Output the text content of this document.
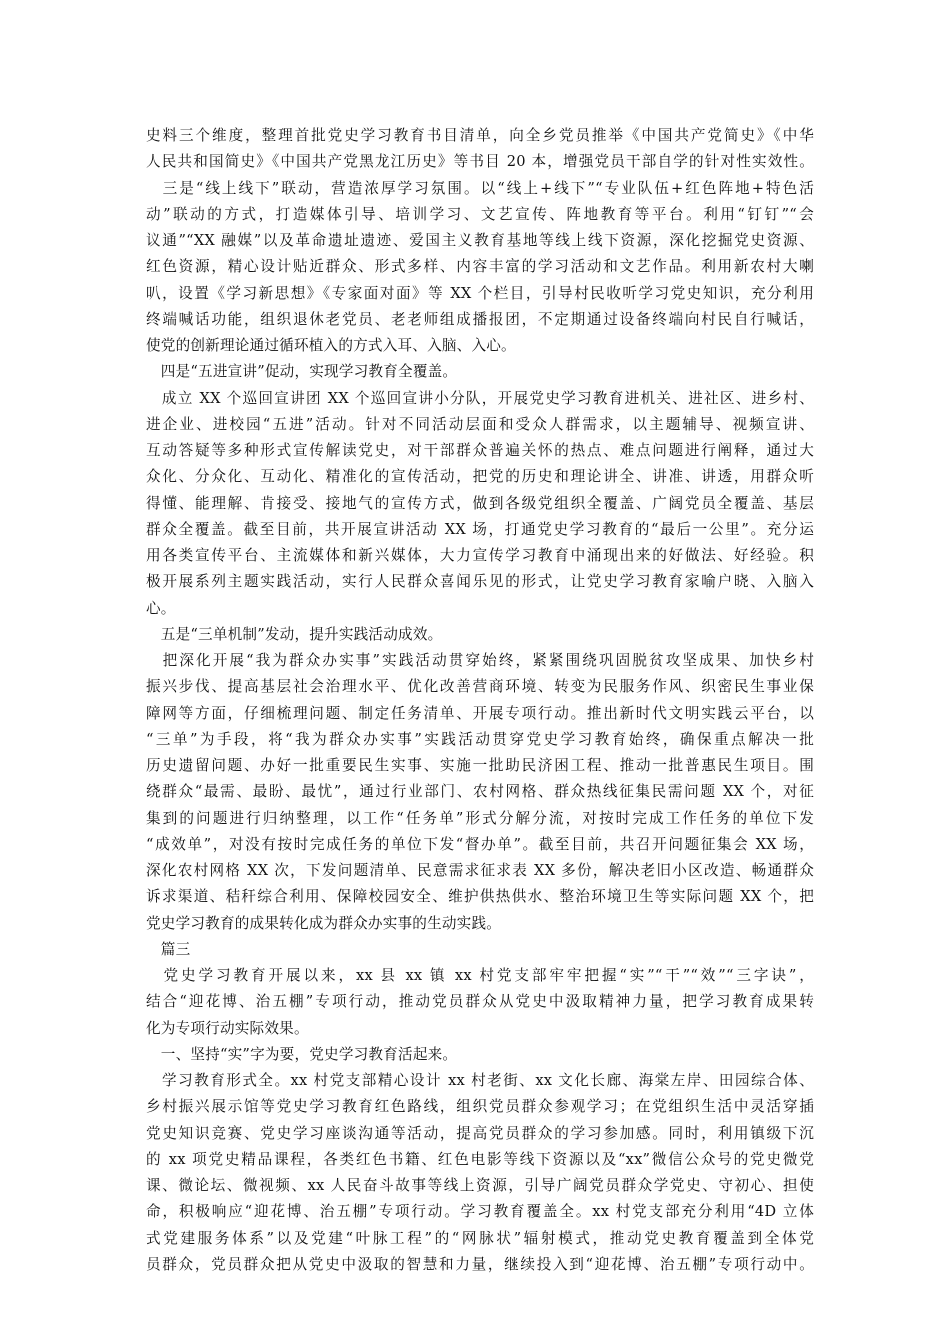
史料三个维度，整理首批党史学习教育书目清单，向全乡党员推举《中国共产党简史》《中华
人民共和国简史》《中国共产党黑龙江历史》等书目 20 本，增强党员干部自学的针对性实效性。
　三是“线上线下”联动，营造浓厚学习氛围。以“线上+线下”“专业队伍+红色阵地+特色活
动”联动的方式，打造媒体引导、培训学习、文艺宣传、阵地教育等平台。利用“钉钉”“会
议通”“XX 融媒”以及革命遗址遗迹、爱国主义教育基地等线上线下资源，深化挖掘党史资源、
红色资源，精心设计贴近群众、形式多样、内容丰富的学习活动和文艺作品。利用新农村大喇
叭，设置《学习新思想》《专家面对面》等 XX 个栏目，引导村民收听学习党史知识，充分利用
终端喊话功能，组织退休老党员、老老师组成播报团，不定期通过设备终端向村民自行喊话，
使党的创新理论通过循环植入的方式入耳、入脑、入心。
　四是“五进宣讲”促动，实现学习教育全覆盖。
　成立 XX 个巡回宣讲团 XX 个巡回宣讲小分队，开展党史学习教育进机关、进社区、进乡村、
进企业、进校园“五进”活动。针对不同活动层面和受众人群需求，以主题辅导、视频宣讲、
互动答疑等多种形式宣传解读党史，对干部群众普遍关怀的热点、难点问题进行阐释，通过大
众化、分众化、互动化、精准化的宣传活动，把党的历史和理论讲全、讲准、讲透，用群众听
得懂、能理解、肯接受、接地气的宣传方式，做到各级党组织全覆盖、广阔党员全覆盖、基层
群众全覆盖。截至目前，共开展宣讲活动 XX 场，打通党史学习教育的“最后一公里”。充分运
用各类宣传平台、主流媒体和新兴媒体，大力宣传学习教育中涌现出来的好做法、好经验。积
极开展系列主题实践活动，实行人民群众喜闻乐见的形式，让党史学习教育家喻户晓、入脑入
心。
　五是“三单机制”发动，提升实践活动成效。
　把深化开展“我为群众办实事”实践活动贯穿始终，紧紧围绕巩固脱贫攻坚成果、加快乡村
振兴步伐、提高基层社会治理水平、优化改善营商环境、转变为民服务作风、织密民生事业保
障网等方面，仔细梳理问题、制定任务清单、开展专项行动。推出新时代文明实践云平台，以
“三单”为手段，将“我为群众办实事”实践活动贯穿党史学习教育始终，确保重点解决一批
历史遗留问题、办好一批重要民生实事、实施一批助民济困工程、推动一批普惠民生项目。围
绕群众“最需、最盼、最忧”，通过行业部门、农村网格、群众热线征集民需问题 XX 个，对征
集到的问题进行归纳整理，以工作“任务单”形式分解分流，对按时完成工作任务的单位下发
“成效单”，对没有按时完成任务的单位下发“督办单”。截至目前，共召开问题征集会 XX 场，
深化农村网格 XX 次，下发问题清单、民意需求征求表 XX 多份，解决老旧小区改造、畅通群众
诉求渠道、秸秆综合利用、保障校园安全、维护供热供水、整治环境卫生等实际问题 XX 个，把
党史学习教育的成果转化成为群众办实事的生动实践。
　篇三
　党史学习教育开展以来，xx 县 xx 镇 xx 村党支部牢牢把握“实”“干”“效”“三字诀”，
结合“迎花博、治五棚”专项行动，推动党员群众从党史中汲取精神力量，把学习教育成果转
化为专项行动实际效果。
　一、坚持“实”字为要，党史学习教育活起来。
　学习教育形式全。xx 村党支部精心设计 xx 村老街、xx 文化长廊、海棠左岸、田园综合体、
乡村振兴展示馆等党史学习教育红色路线，组织党员群众参观学习；在党组织生活中灵活穿插
党史知识竞赛、党史学习座谈沟通等活动，提高党员群众的学习参加感。同时，利用镇级下沉
的 xx 项党史精品课程，各类红色书籍、红色电影等线下资源以及“xx”微信公众号的党史微党
课、微论坛、微视频、xx 人民奋斗故事等线上资源，引导广阔党员群众学党史、守初心、担使
命，积极响应“迎花博、治五棚”专项行动。学习教育覆盖全。xx 村党支部充分利用“4D 立体
式党建服务体系”以及党建“叶脉工程”的“网脉状”辐射模式，推动党史教育覆盖到全体党
员群众，党员群众把从党史中汲取的智慧和力量，继续投入到“迎花博、治五棚”专项行动中。
